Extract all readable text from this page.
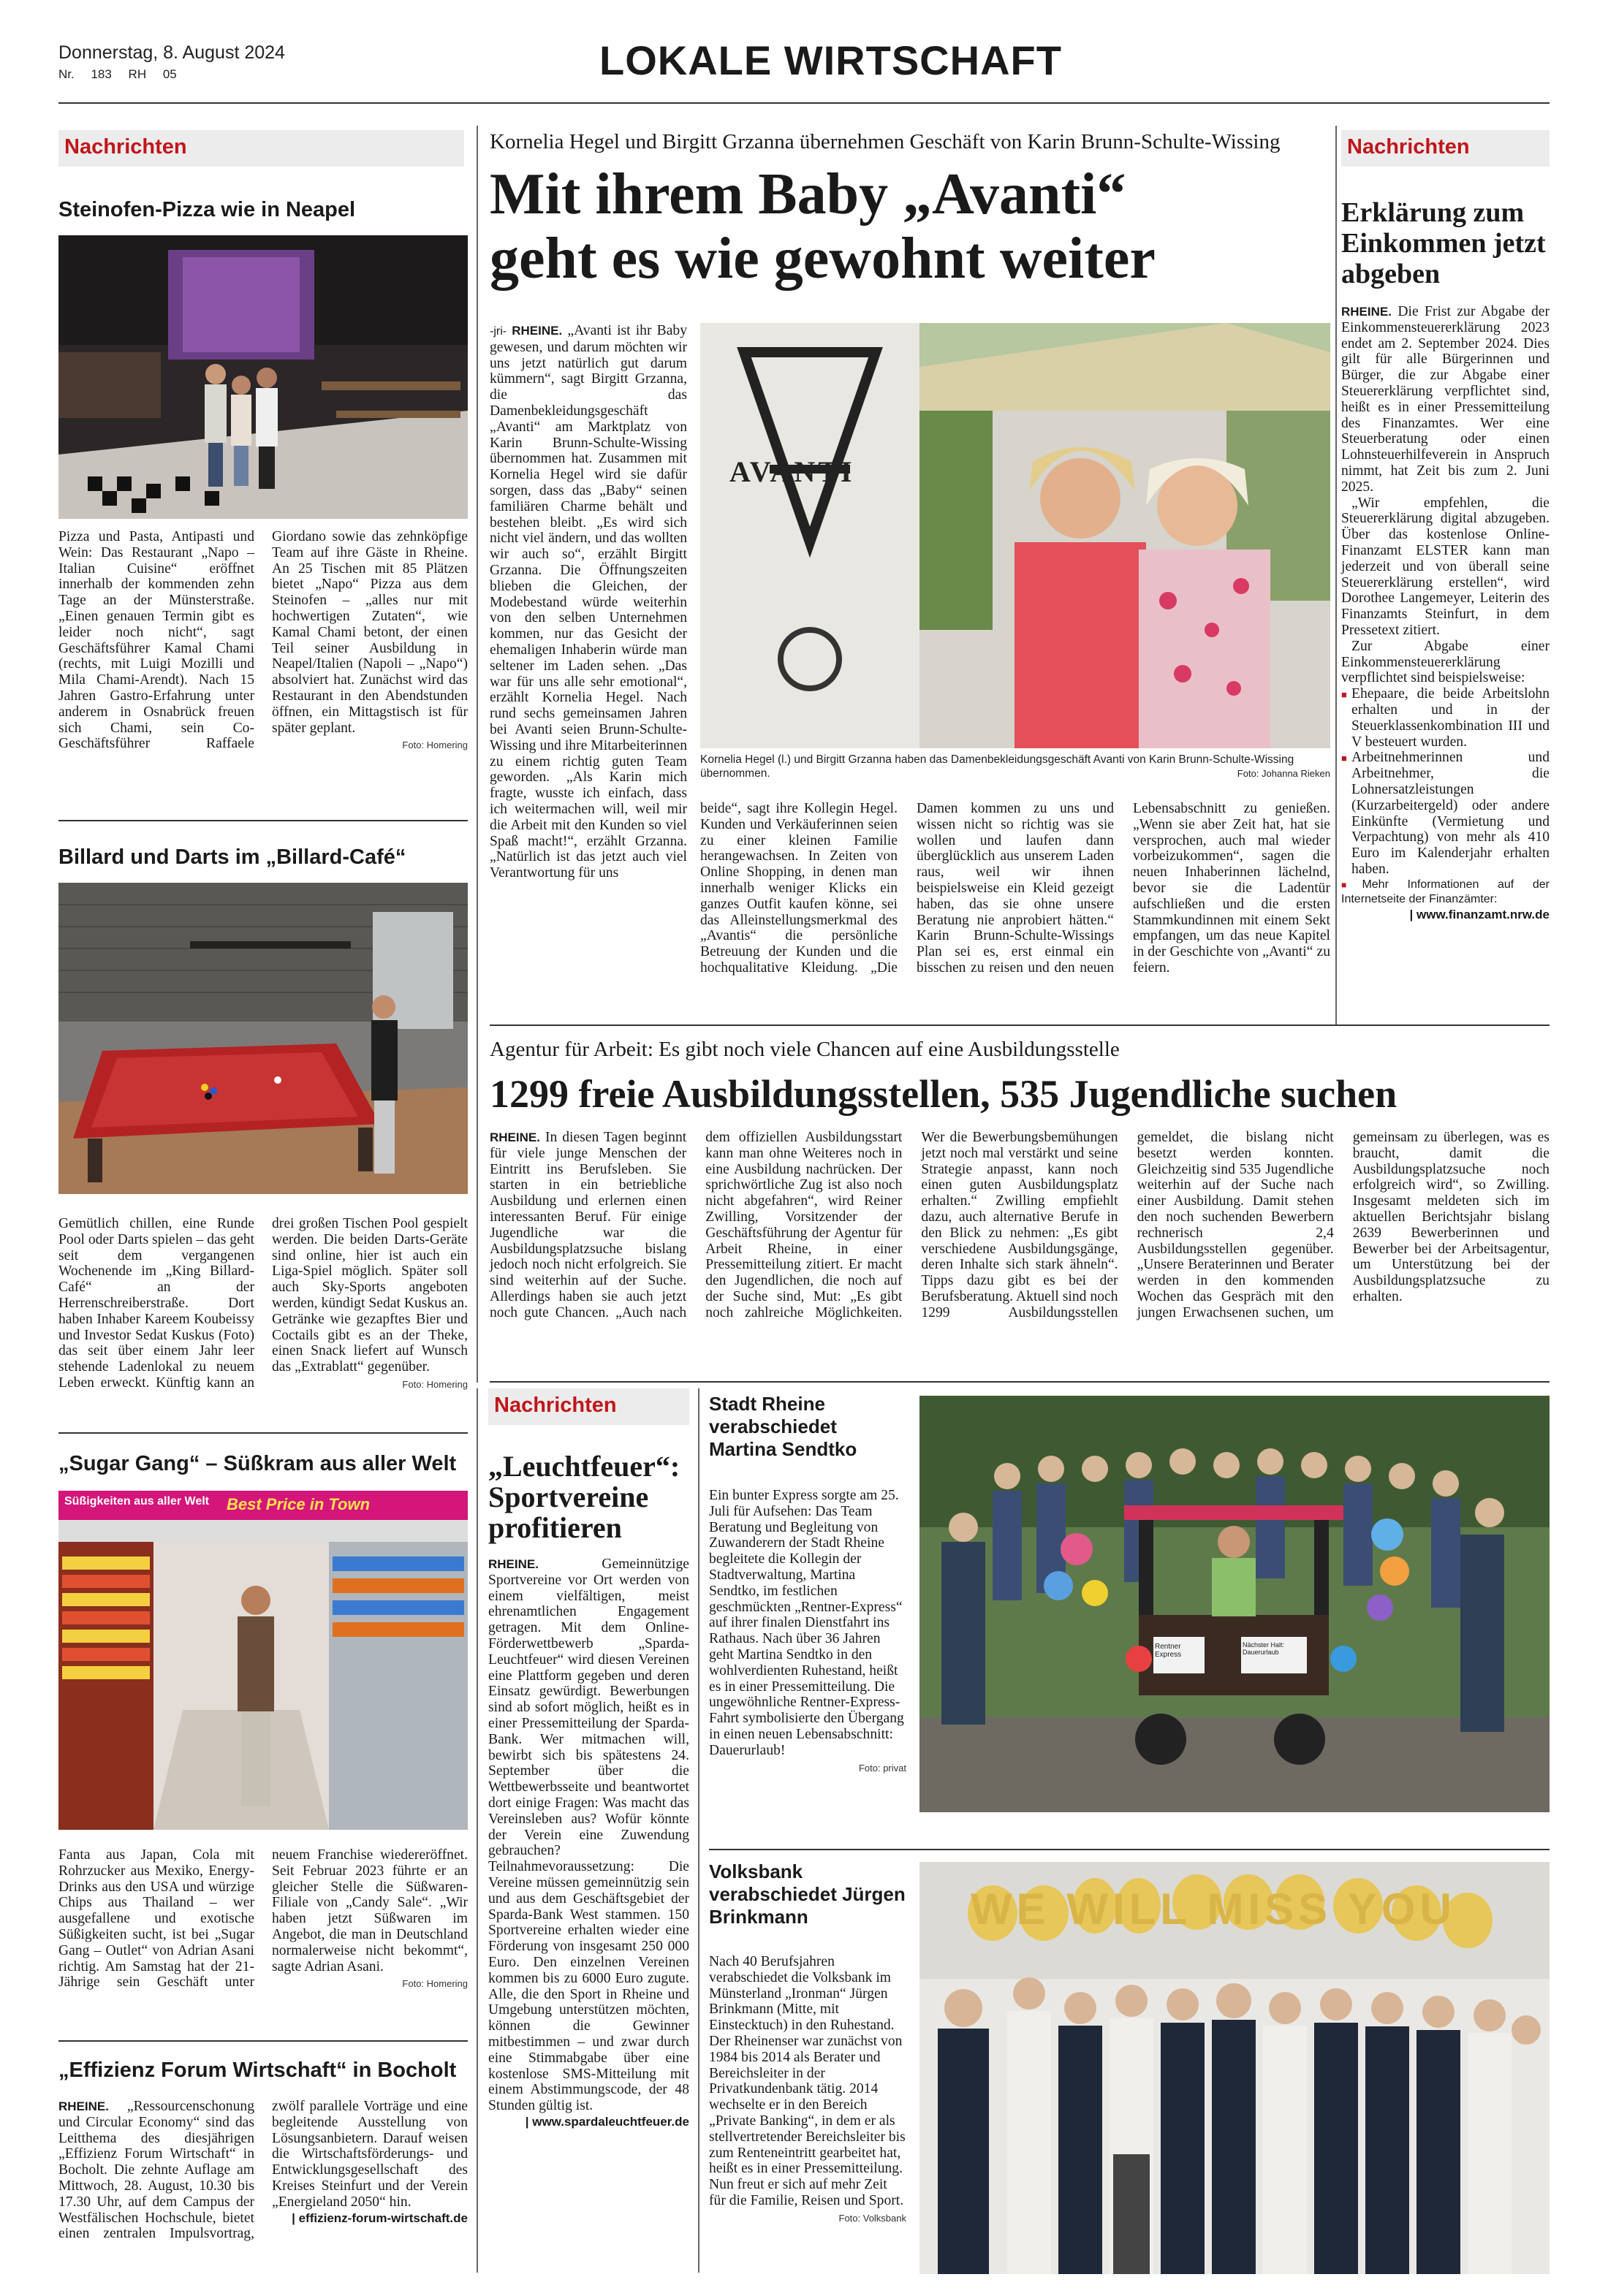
Donnerstag, 8. August 2024
Nr. 183 RH 05	LOKALE WIRTSCHAFT
Nachrichten
Steinofen-Pizza wie in Neapel
Pizza und Pasta, Antipasti und Wein: Das Restaurant „Napo – Italian Cuisine“ eröffnet innerhalb der kommenden zehn Tage an der Münsterstraße. „Einen genauen Termin gibt es leider noch nicht“, sagt Geschäftsführer Kamal Chami (rechts, mit Luigi Mozilli und Mila Chami-Arendt). Nach 15 Jahren Gastro-Erfahrung unter anderem in Osnabrück freuen sich Chami, sein Co-Geschäftsführer Raffaele Giordano sowie das zehnköpfige Team auf ihre Gäste in Rheine. An 25 Tischen mit 85 Plätzen bietet „Napo“ Pizza aus dem Steinofen – „alles nur mit hochwertigen Zutaten“, wie Kamal Chami betont, der einen Teil seiner Ausbildung in Neapel/Italien (Napoli – „Napo“) absolviert hat. Zunächst wird das Restaurant in den Abendstunden öffnen, ein Mittagstisch ist für später geplant.
Foto: Homering
Billard und Darts im „Billard-Café“
Gemütlich chillen, eine Runde Pool oder Darts spielen – das geht seit dem vergangenen Wochenende im „King Billard-Café“ an der Herrenschreiberstraße. Dort haben Inhaber Kareem Koubeissy und Investor Sedat Kuskus (Foto) das seit über einem Jahr leer stehende Ladenlokal zu neuem Leben erweckt. Künftig kann an drei großen Tischen Pool gespielt werden. Die beiden Darts-Geräte sind online, hier ist auch ein Liga-Spiel möglich. Später soll auch Sky-Sports angeboten werden, kündigt Sedat Kuskus an. Getränke wie gezapftes Bier und Coctails gibt es an der Theke, einen Snack liefert auf Wunsch das „Extrablatt“ gegenüber.
Foto: Homering
„Sugar Gang“ – Süßkram aus aller Welt
Süßigkeiten aus aller Welt Best Price in Town
Fanta aus Japan, Cola mit Rohrzucker aus Mexiko, Energy-Drinks aus den USA und würzige Chips aus Thailand – wer ausgefallene und exotische Süßigkeiten sucht, ist bei „Sugar Gang – Outlet“ von Adrian Asani richtig. Am Samstag hat der 21-Jährige sein Geschäft unter neuem Franchise wiedereröffnet. Seit Februar 2023 führte er an gleicher Stelle die Süßwaren-Filiale von „Candy Sale“. „Wir haben jetzt Süßwaren im Angebot, die man in Deutschland normalerweise nicht bekommt“, sagte Adrian Asani.
Foto: Homering
„Effizienz Forum Wirtschaft“ in Bocholt
RHEINE. „Ressourcenschonung und Circular Economy“ sind das Leitthema des diesjährigen „Effizienz Forum Wirtschaft“ in Bocholt. Die zehnte Auflage am Mittwoch, 28. August, 10.30 bis 17.30 Uhr, auf dem Campus der Westfälischen Hochschule, bietet einen zentralen Impulsvortrag, zwölf parallele Vorträge und eine begleitende Ausstellung von Lösungsanbietern. Darauf weisen die Wirtschaftsförderungs- und Entwicklungsgesellschaft des Kreises Steinfurt und der Verein „Energieland 2050“ hin.
| effizienz-forum-wirtschaft.de
Kornelia Hegel und Birgitt Grzanna übernehmen Geschäft von Karin Brunn-Schulte-Wissing
Mit ihrem Baby „Avanti“
geht es wie gewohnt weiter
-jri- RHEINE. „Avanti ist ihr Baby gewesen, und darum möchten wir uns jetzt natürlich gut darum kümmern“, sagt Birgitt Grzanna, die das Damenbekleidungsgeschäft „Avanti“ am Marktplatz von Karin Brunn-Schulte-Wissing übernommen hat. Zusammen mit Kornelia Hegel wird sie dafür sorgen, dass das „Baby“ seinen familiären Charme behält und bestehen bleibt. „Es wird sich nicht viel ändern, und das wollten wir auch so“, erzählt Birgitt Grzanna. Die Öffnungszeiten blieben die Gleichen, der Modebestand würde weiterhin von den selben Unternehmen kommen, nur das Gesicht der ehemaligen Inhaberin würde man seltener im Laden sehen. „Das war für uns alle sehr emotional“, erzählt Kornelia Hegel. Nach rund sechs gemeinsamen Jahren bei Avanti seien Brunn-Schulte-Wissing und ihre Mitarbeiterinnen zu einem richtig guten Team geworden. „Als Karin mich fragte, wusste ich einfach, dass ich weitermachen will, weil mir die Arbeit mit den Kunden so viel Spaß macht!“, erzählt Grzanna. „Natürlich ist das jetzt auch viel Verantwortung für uns
AVANTI
Kornelia Hegel (l.) und Birgitt Grzanna haben das Damenbekleidungsgeschäft Avanti von Karin Brunn-Schulte-Wissing übernommen.	Foto: Johanna Rieken
beide“, sagt ihre Kollegin Hegel. Kunden und Verkäuferinnen seien zu einer kleinen Familie herangewachsen. In Zeiten von Online Shopping, in denen man innerhalb weniger Klicks ein ganzes Outfit kaufen könne, sei das Alleinstellungsmerkmal des „Avantis“ die persönliche Betreuung der Kunden und die hochqualitative Kleidung. „Die Damen kommen zu uns und wissen nicht so richtig was sie wollen und laufen dann überglücklich aus unserem Laden raus, weil wir ihnen beispielsweise ein Kleid gezeigt haben, das sie ohne unsere Beratung nie anprobiert hätten.“ Karin Brunn-Schulte-Wissings Plan sei es, erst einmal ein bisschen zu reisen und den neuen Lebensabschnitt zu genießen. „Wenn sie aber Zeit hat, hat sie versprochen, auch mal wieder vorbeizukommen“, sagen die neuen Inhaberinnen lächelnd, bevor sie die Ladentür aufschließen und die ersten Stammkundinnen mit einem Sekt empfangen, um das neue Kapitel in der Geschichte von „Avanti“ zu feiern.
Nachrichten
Erklärung zum Einkommen jetzt abgeben
RHEINE. Die Frist zur Abgabe der Einkommensteuererklärung 2023 endet am 2. September 2024. Dies gilt für alle Bürgerinnen und Bürger, die zur Abgabe einer Steuererklärung verpflichtet sind, heißt es in einer Pressemitteilung des Finanzamtes. Wer eine Steuerberatung oder einen Lohnsteuerhilfeverein in Anspruch nimmt, hat Zeit bis zum 2. Juni 2025.

„Wir empfehlen, die Steuererklärung digital abzugeben. Über das kostenlose Online-Finanzamt ELSTER kann man jederzeit und von überall seine Steuererklärung erstellen“, wird Dorothee Langemeyer, Leiterin des Finanzamts Steinfurt, in dem Pressetext zitiert.

Zur Abgabe einer Einkommensteuererklärung verpflichtet sind beispielsweise:

■ Ehepaare, die beide Arbeitslohn erhalten und in der Steuerklassenkombination III und V besteuert wurden.
■ Arbeitnehmerinnen und Arbeitnehmer, die Lohnersatzleistungen (Kurzarbeitergeld) oder andere Einkünfte (Vermietung und Verpachtung) von mehr als 410 Euro im Kalenderjahr erhalten haben.

■ Mehr Informationen auf der Internetseite der Finanzämter:

| www.finanzamt.nrw.de
Agentur für Arbeit: Es gibt noch viele Chancen auf eine Ausbildungsstelle
1299 freie Ausbildungsstellen, 535 Jugendliche suchen
RHEINE. In diesen Tagen beginnt für viele junge Menschen der Eintritt ins Berufsleben. Sie starten in ein betriebliche Ausbildung und erlernen einen interessanten Beruf. Für einige Jugendliche war die Ausbildungsplatzsuche bislang jedoch noch nicht erfolgreich. Sie sind weiterhin auf der Suche. Allerdings haben sie auch jetzt noch gute Chancen. „Auch nach dem offiziellen Ausbildungsstart kann man ohne Weiteres noch in eine Ausbildung nachrücken. Der sprichwörtliche Zug ist also noch nicht abgefahren“, wird Reiner Zwilling, Vorsitzender der Geschäftsführung der Agentur für Arbeit Rheine, in einer Pressemitteilung zitiert. Er macht den Jugendlichen, die noch auf der Suche sind, Mut: „Es gibt noch zahlreiche Möglichkeiten. Wer die Bewerbungsbemühungen jetzt noch mal verstärkt und seine Strategie anpasst, kann noch einen guten Ausbildungsplatz erhalten.“ Zwilling empfiehlt dazu, auch alternative Berufe in den Blick zu nehmen: „Es gibt verschiedene Ausbildungsgänge, deren Inhalte sich stark ähneln“. Tipps dazu gibt es bei der Berufsberatung. Aktuell sind noch 1299 Ausbildungsstellen gemeldet, die bislang nicht besetzt werden konnten. Gleichzeitig sind 535 Jugendliche weiterhin auf der Suche nach einer Ausbildung. Damit stehen den noch suchenden Bewerbern rechnerisch 2,4 Ausbildungsstellen gegenüber. „Unsere Beraterinnen und Berater werden in den kommenden Wochen das Gespräch mit den jungen Erwachsenen suchen, um gemeinsam zu überlegen, was es braucht, damit die Ausbildungsplatzsuche noch erfolgreich wird“, so Zwilling. Insgesamt meldeten sich im aktuellen Berichtsjahr bislang 2639 Bewerberinnen und Bewerber bei der Arbeitsagentur, um Unterstützung bei der Ausbildungsplatzsuche zu erhalten.
Nachrichten
„Leuchtfeuer“: Sportvereine profitieren
RHEINE.	Gemeinnützige Sportvereine vor Ort werden von einem vielfältigen, meist ehrenamtlichen Engagement getragen. Mit dem Online-Förderwettbewerb „Sparda-Leuchtfeuer“ wird diesen Vereinen eine Plattform gegeben und deren Einsatz gewürdigt. Bewerbungen sind ab sofort möglich, heißt es in einer Pressemitteilung der Sparda-Bank. Wer mitmachen will, bewirbt sich bis spätestens 24. September über die Wettbewerbsseite und beantwortet dort einige Fragen: Was macht das Vereinsleben aus? Wofür könnte der Verein eine Zuwendung gebrauchen? Teilnahmevoraussetzung: Die Vereine müssen gemeinnützig sein und aus dem Geschäftsgebiet der Sparda-Bank West stammen. 150 Sportvereine erhalten wieder eine Förderung von insgesamt 250 000 Euro. Den einzelnen Vereinen kommen bis zu 6000 Euro zugute. Alle, die den Sport in Rheine und Umgebung unterstützen möchten, können die Gewinner mitbestimmen – und zwar durch eine Stimmabgabe über eine kostenlose SMS-Mitteilung mit einem Abstimmungscode, der 48 Stunden gültig ist.
| www.spardaleuchtfeuer.de
Stadt Rheine verabschiedet Martina Sendtko
Ein bunter Express sorgte am 25. Juli für Aufsehen: Das Team Beratung und Begleitung von Zuwanderern der Stadt Rheine begleitete die Kollegin der Stadtverwaltung, Martina Sendtko, im festlichen geschmückten „Rentner-Express“ auf ihrer finalen Dienstfahrt ins Rathaus. Nach über 36 Jahren geht Martina Sendtko in den wohlverdienten Ruhestand, heißt es in einer Pressemitteilung. Die ungewöhnliche Rentner-Express-Fahrt symbolisierte den Übergang in einen neuen Lebensabschnitt: Dauerurlaub!
Foto: privat
Rentner Express
Nächster Halt: Dauerurlaub
Volksbank verabschiedet Jürgen Brinkmann
Nach 40 Berufsjahren verabschiedet die Volksbank im Münsterland „Ironman“ Jürgen Brinkmann (Mitte, mit Einstecktuch) in den Ruhestand. Der Rheinenser war zunächst von 1984 bis 2014 als Berater und Bereichsleiter in der Privatkundenbank tätig. 2014 wechselte er in den Bereich „Private Banking“, in dem er als stellvertretender Bereichsleiter bis zum Renteneintritt gearbeitet hat, heißt es in einer Pressemitteilung. Nun freut er sich auf mehr Zeit für die Familie, Reisen und Sport.
Foto: Volksbank
WE WILL MISS YOU
